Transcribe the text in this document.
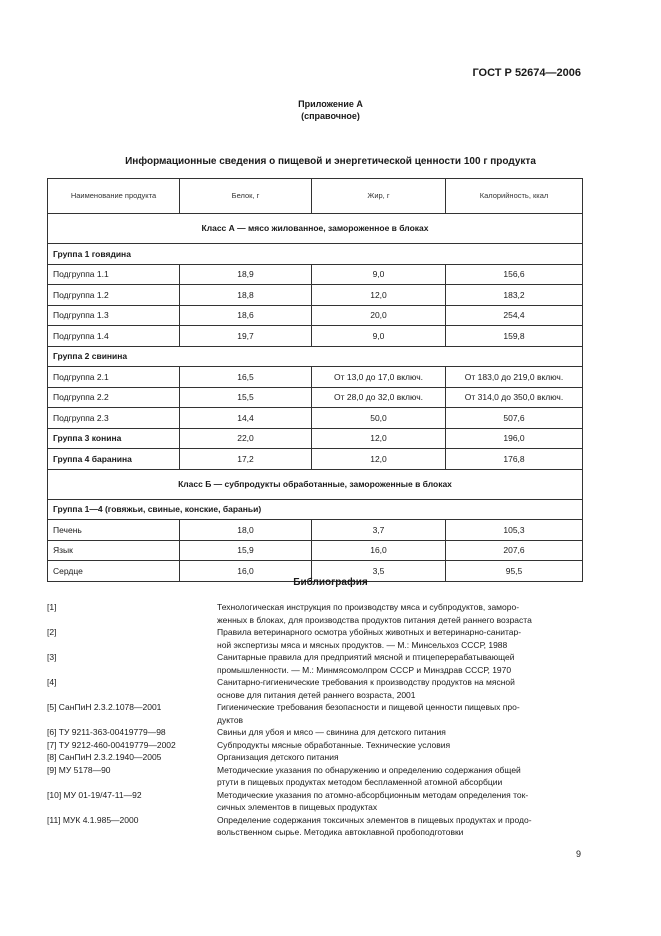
ГОСТ Р 52674—2006
Приложение А
(справочное)
Информационные сведения о пищевой и энергетической ценности 100 г продукта
Наименование продукта	Белок, г	Жир, г	Калорийность, ккал
Класс А — мясо жилованное, замороженное в блоках			
Группа 1 говядина			
Подгруппа 1.1	18,9	9,0	156,6
Подгруппа 1.2	18,8	12,0	183,2
Подгруппа 1.3	18,6	20,0	254,4
Подгруппа 1.4	19,7	9,0	159,8
Группа 2 свинина			
Подгруппа 2.1	16,5	От 13,0 до 17,0 включ.	От 183,0 до 219,0 включ.
Подгруппа 2.2	15,5	От 28,0 до 32,0 включ.	От 314,0 до 350,0 включ.
Подгруппа 2.3	14,4	50,0	507,6
Группа 3 конина	22,0	12,0	196,0
Группа 4 баранина	17,2	12,0	176,8
Класс Б — субпродукты обработанные, замороженные в блоках			
Группа 1—4 (говяжьи, свиные, конские, бараньи)			
Печень	18,0	3,7	105,3
Язык	15,9	16,0	207,6
Сердце	16,0	3,5	95,5
Библиография
[1]	Технологическая инструкция по производству мяса и субпродуктов, заморо-
женных в блоках, для производства продуктов питания детей раннего возраста
[2]	Правила ветеринарного осмотра убойных животных и ветеринарно-санитар-
ной экспертизы мяса и мясных продуктов. — М.: Минсельхоз СССР, 1988
[3]	Санитарные правила для предприятий мясной и птицеперерабатывающей
промышленности. — М.: Минмясомолпром СССР и Минздрав СССР, 1970
[4]	Санитарно-гигиенические требования к производству продуктов на мясной
основе для питания детей раннего возраста, 2001
[5] СанПиН 2.3.2.1078—2001	Гигиенические требования безопасности и пищевой ценности пищевых про-
дуктов
[6] ТУ 9211-363-00419779—98	Свиньи для убоя и мясо — свинина для детского питания
[7] ТУ 9212-460-00419779—2002	Субпродукты мясные обработанные. Технические условия
[8] СанПиН 2.3.2.1940—2005	Организация детского питания
[9] МУ 5178—90	Методические указания по обнаружению и определению содержания общей
ртути в пищевых продуктах методом беспламенной атомной абсорбции
[10] МУ 01-19/47-11—92	Методические указания по атомно-абсорбционным методам определения ток-
сичных элементов в пищевых продуктах
[11] МУК 4.1.985—2000	Определение содержания токсичных элементов в пищевых продуктах и продо-
вольственном сырье. Методика автоклавной пробоподготовки
9
